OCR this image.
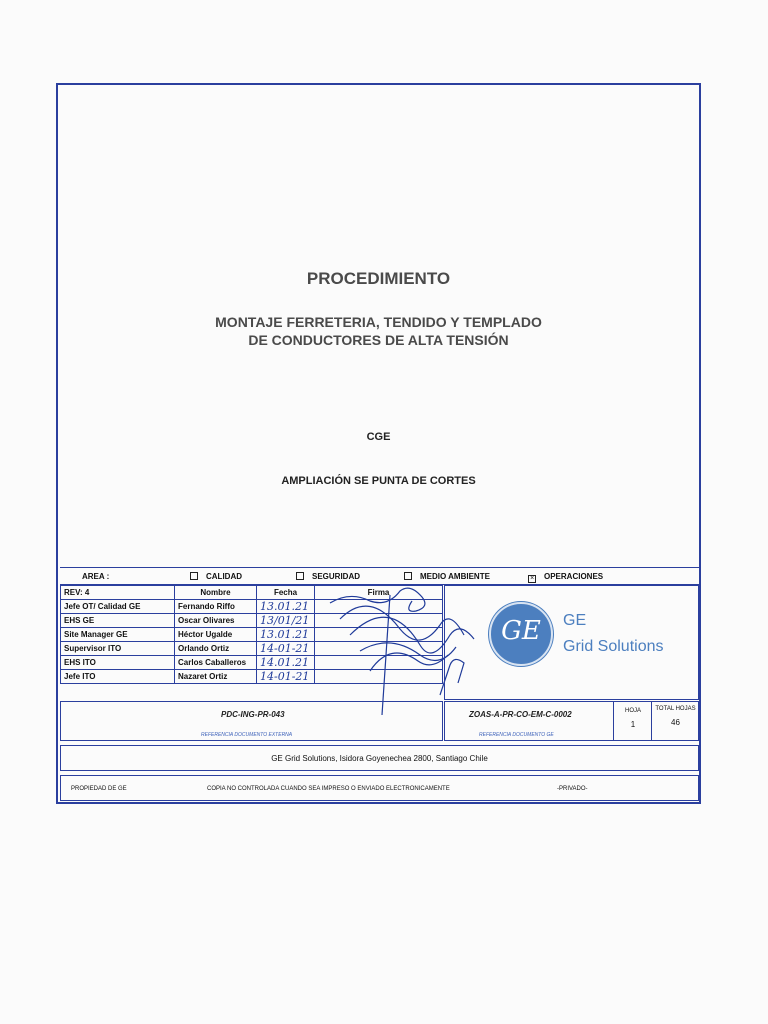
PROCEDIMIENTO
MONTAJE FERRETERIA, TENDIDO Y TEMPLADO
DE CONDUCTORES DE ALTA TENSIÓN
CGE
AMPLIACIÓN SE PUNTA DE CORTES
AREA :	CALIDAD	SEGURIDAD	MEDIO AMBIENTE	× OPERACIONES
REV: 4	Nombre	Fecha	Firma
Jefe OT/ Calidad GE	Fernando Riffo	13.01.21	
EHS GE	Oscar Olivares	13/01/21	
Site Manager GE	Héctor Ugalde	13.01.21	
Supervisor ITO	Orlando Ortiz	14-01-21	
EHS ITO	Carlos Caballeros	14.01.21	
Jefe ITO	Nazaret Ortiz	14-01-21	
GE	GE
Grid Solutions
PDC-ING-PR-043
REFERENCIA DOCUMENTO EXTERNA
ZOAS-A-PR-CO-EM-C-0002
REFERENCIA DOCUMENTO GE
HOJA
1
TOTAL HOJAS
46
GE Grid Solutions, Isidora Goyenechea 2800, Santiago Chile
PROPIEDAD DE GE	COPIA NO CONTROLADA CUANDO SEA IMPRESO O ENVIADO ELECTRONICAMENTE	-PRIVADO-
